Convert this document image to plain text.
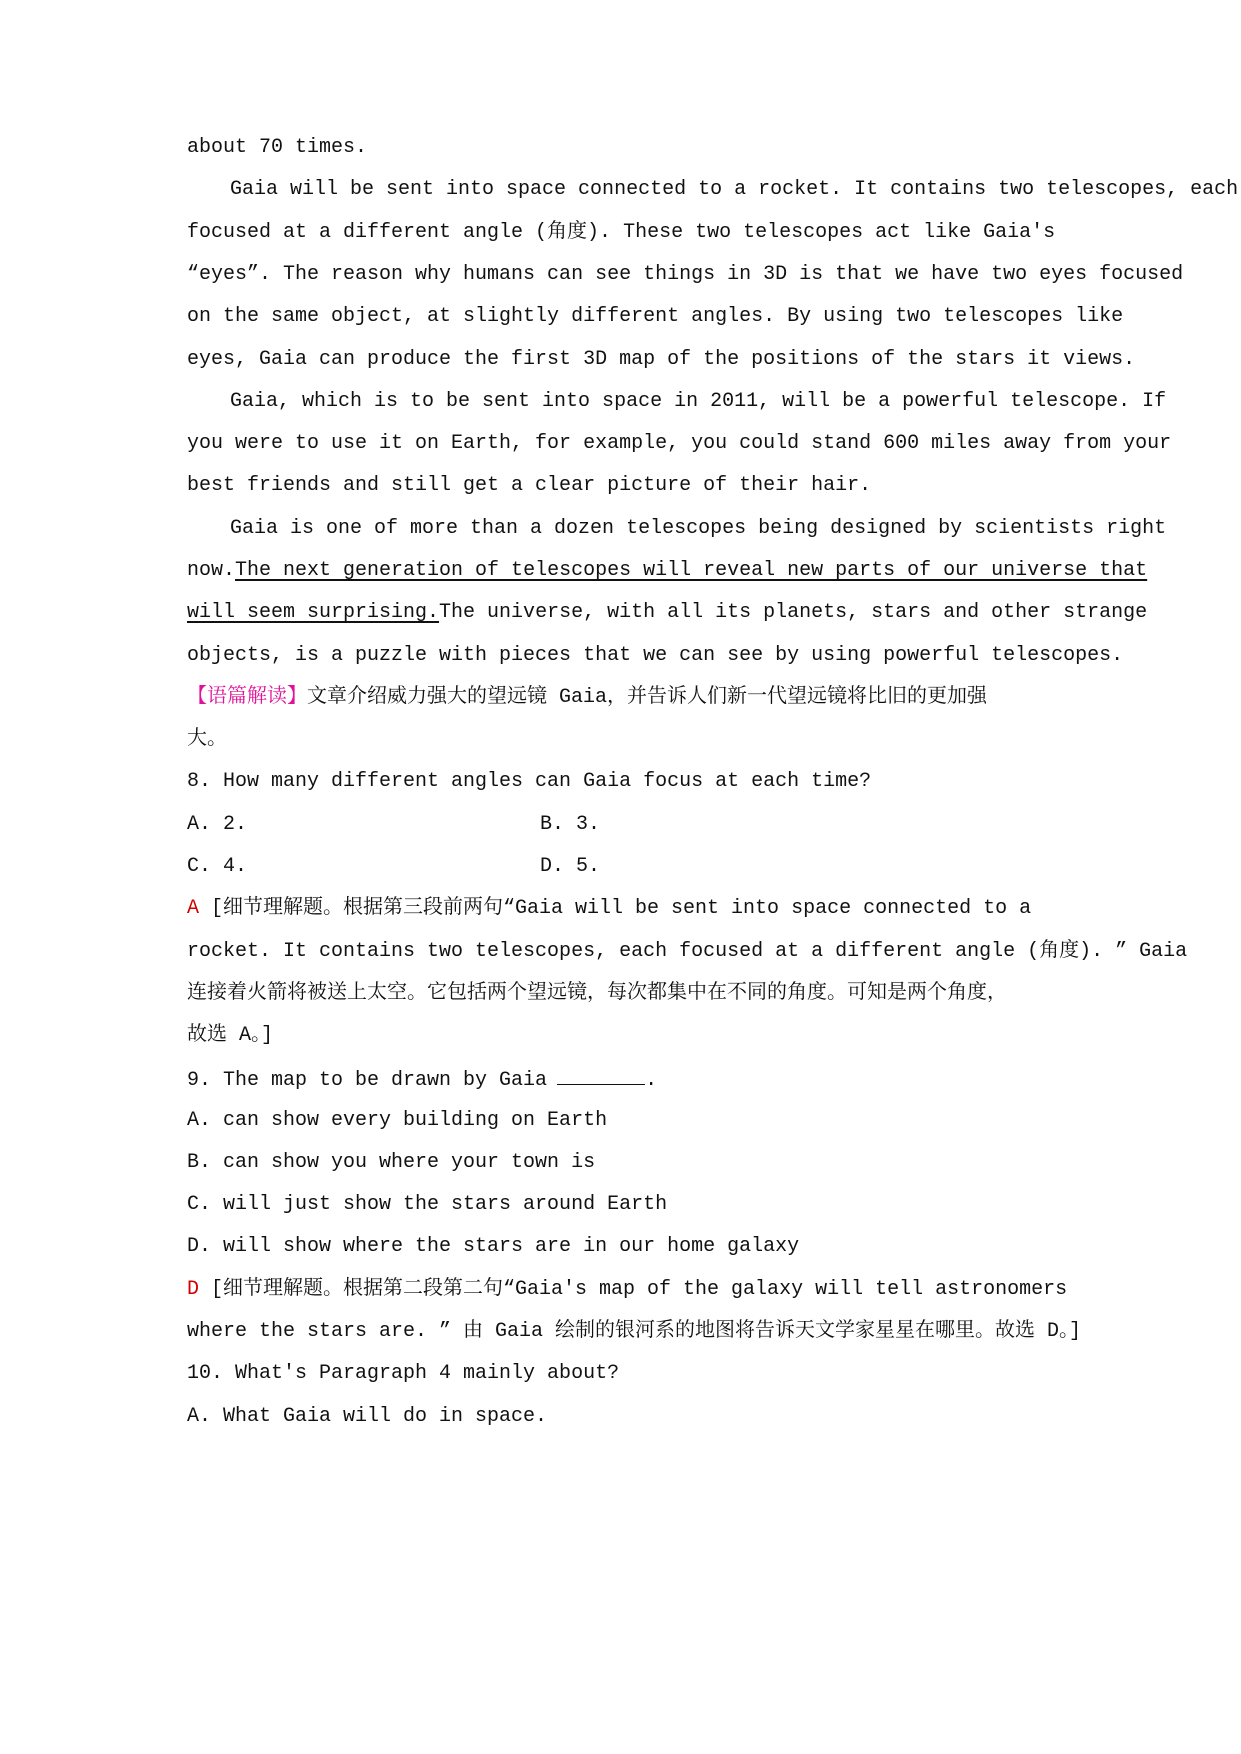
about 70 times.
Gaia will be sent into space connected to a rocket. It contains two telescopes, each
focused at a different angle (角度). These two telescopes act like Gaia's
“eyes”. The reason why humans can see things in 3D is that we have two eyes focused
on the same object, at slightly different angles. By using two telescopes like
eyes, Gaia can produce the first 3D map of the positions of the stars it views.
Gaia, which is to be sent into space in 2011, will be a powerful telescope. If
you were to use it on Earth, for example, you could stand 600 miles away from your
best friends and still get a clear picture of their hair.
Gaia is one of more than a dozen telescopes being designed by scientists right
now.The next generation of telescopes will reveal new parts of our universe that
will seem surprising.The universe, with all its planets, stars and other strange
objects, is a puzzle with pieces that we can see by using powerful telescopes.
【语篇解读】文章介绍威力强大的望远镜 Gaia，并告诉人们新一代望远镜将比旧的更加强
大。
8. How many different angles can Gaia focus at each time?
A. 2.	B. 3.
C. 4.	D. 5.
A [细节理解题。根据第三段前两句“Gaia will be sent into space connected to a
rocket. It contains two telescopes, each focused at a different angle (角度). ” Gaia
连接着火箭将被送上太空。它包括两个望远镜，每次都集中在不同的角度。可知是两个角度，
故选 A。]
9. The map to be drawn by Gaia	.
A. can show every building on Earth
B. can show you where your town is
C. will just show the stars around Earth
D. will show where the stars are in our home galaxy
D [细节理解题。根据第二段第二句“Gaia's map of the galaxy will tell astronomers
where the stars are. ” 由 Gaia 绘制的银河系的地图将告诉天文学家星星在哪里。故选 D。]
10. What's Paragraph 4 mainly about?
A. What Gaia will do in space.
